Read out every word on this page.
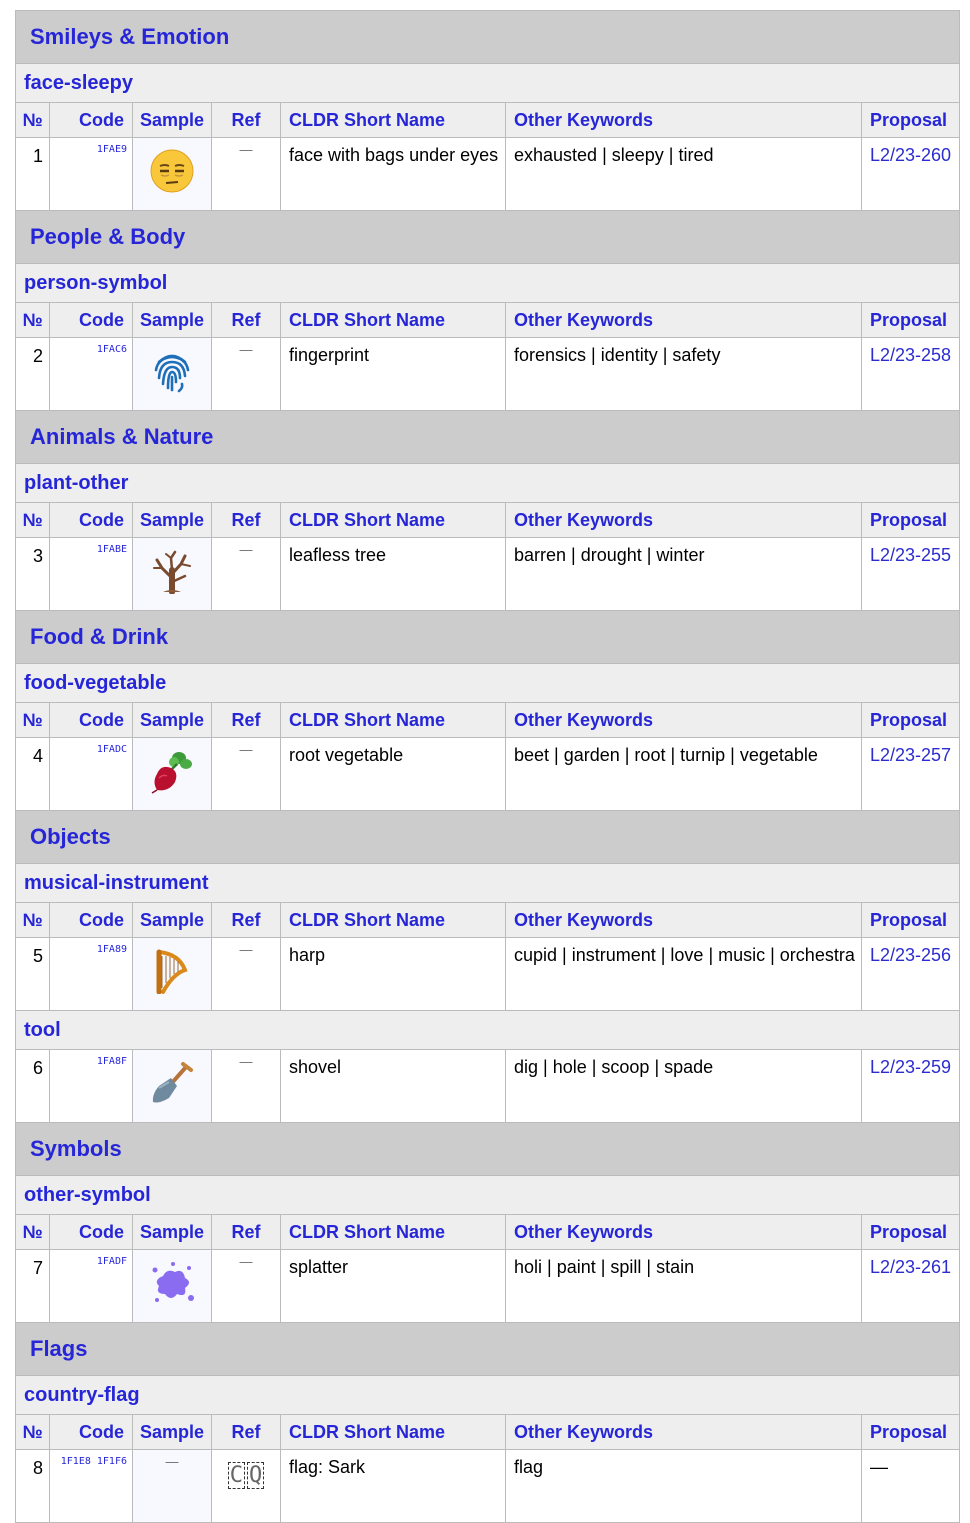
Smileys & Emotion						
face-sleepy						
№	Code	Sample	Ref	CLDR Short Name	Other Keywords	Proposal
1	1FAE9		—	face with bags under eyes	exhausted | sleepy | tired	L2/23-260
People & Body						
person-symbol						
№	Code	Sample	Ref	CLDR Short Name	Other Keywords	Proposal
2	1FAC6		—	fingerprint	forensics | identity | safety	L2/23-258
Animals & Nature						
plant-other						
№	Code	Sample	Ref	CLDR Short Name	Other Keywords	Proposal
3	1FABE		—	leafless tree	barren | drought | winter	L2/23-255
Food & Drink						
food-vegetable						
№	Code	Sample	Ref	CLDR Short Name	Other Keywords	Proposal
4	1FADC		—	root vegetable	beet | garden | root | turnip | vegetable	L2/23-257
Objects						
musical-instrument						
№	Code	Sample	Ref	CLDR Short Name	Other Keywords	Proposal
5	1FA89		—	harp	cupid | instrument | love | music | orchestra	L2/23-256
tool						
6	1FA8F		—	shovel	dig | hole | scoop | spade	L2/23-259
Symbols						
other-symbol						
№	Code	Sample	Ref	CLDR Short Name	Other Keywords	Proposal
7	1FADF		—	splatter	holi | paint | spill | stain	L2/23-261
Flags						
country-flag						
№	Code	Sample	Ref	CLDR Short Name	Other Keywords	Proposal
8	1F1E8 1F1F6	—	C Q	flag: Sark	flag	—
